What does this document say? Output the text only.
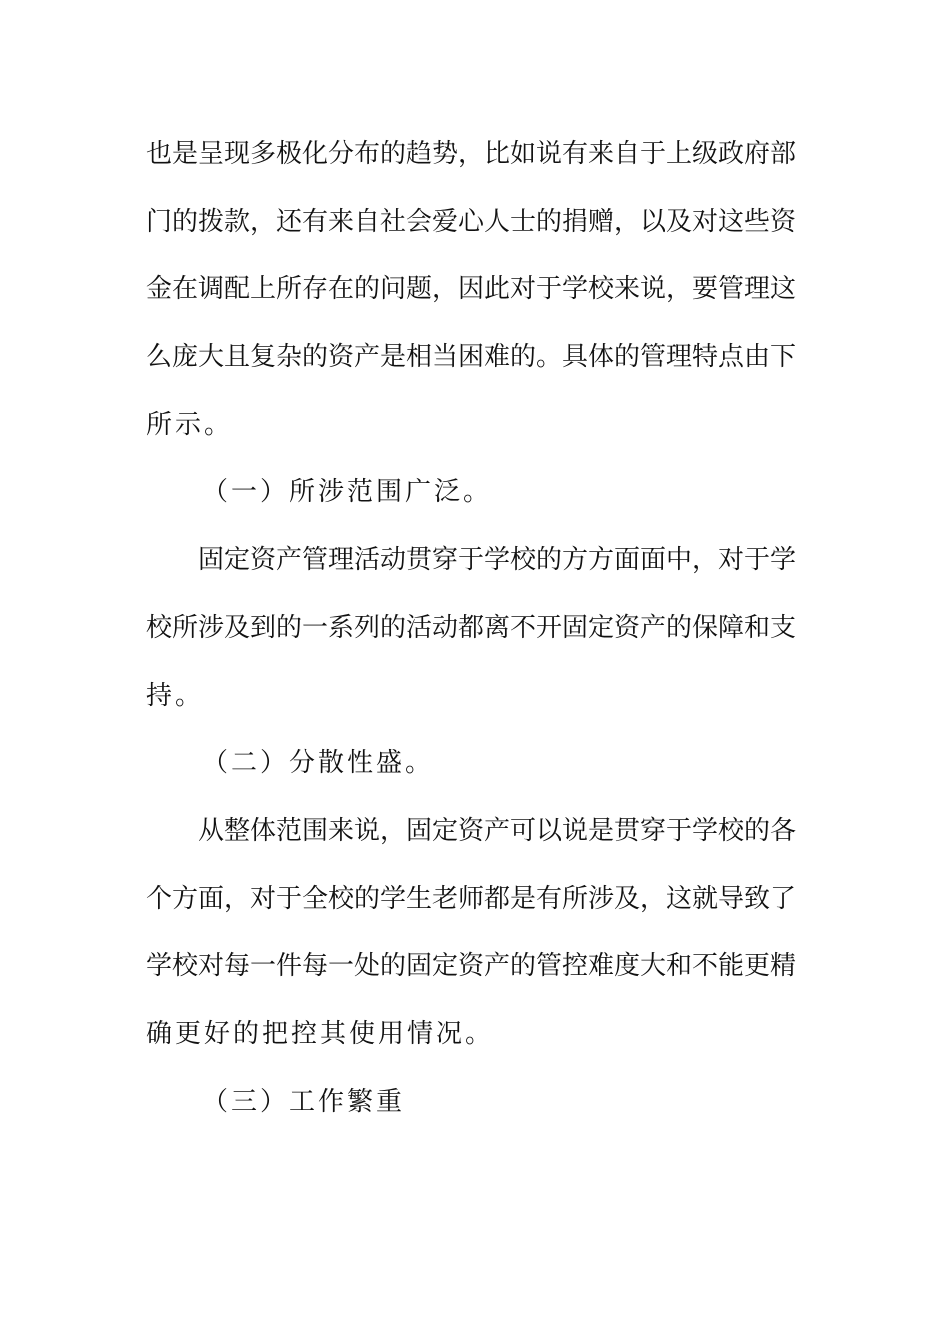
也是呈现多极化分布的趋势，比如说有来自于上级政府部
门的拨款，还有来自社会爱心人士的捐赠，以及对这些资
金在调配上所存在的问题，因此对于学校来说，要管理这
么庞大且复杂的资产是相当困难的。具体的管理特点由下
所示。
（一）所涉范围广泛。
固定资产管理活动贯穿于学校的方方面面中，对于学
校所涉及到的一系列的活动都离不开固定资产的保障和支
持。
（二）分散性盛。
从整体范围来说，固定资产可以说是贯穿于学校的各
个方面，对于全校的学生老师都是有所涉及，这就导致了
学校对每一件每一处的固定资产的管控难度大和不能更精
确更好的把控其使用情况。
（三）工作繁重
